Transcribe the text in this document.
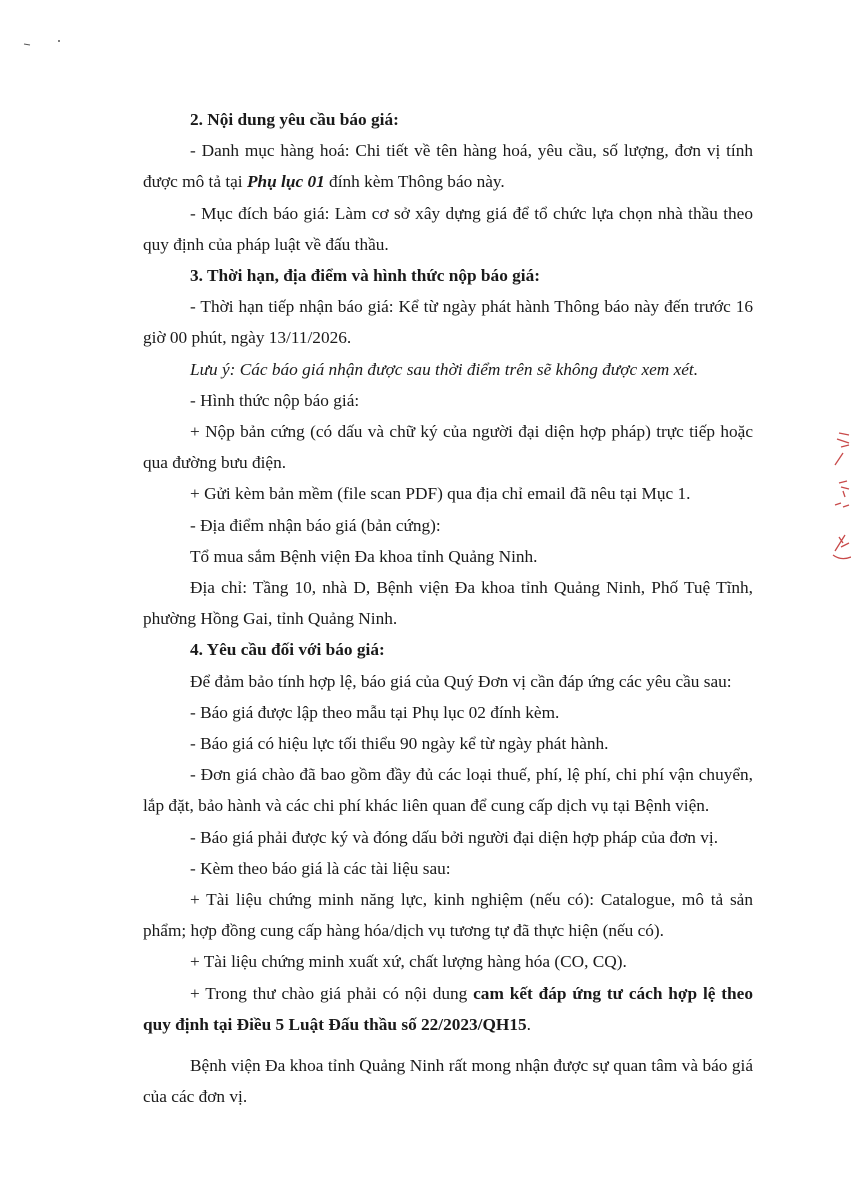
2. Nội dung yêu cầu báo giá:

- Danh mục hàng hoá: Chi tiết về tên hàng hoá, yêu cầu, số lượng, đơn vị tính được mô tả tại Phụ lục 01 đính kèm Thông báo này.

- Mục đích báo giá: Làm cơ sở xây dựng giá để tổ chức lựa chọn nhà thầu theo quy định của pháp luật về đấu thầu.

3. Thời hạn, địa điểm và hình thức nộp báo giá:

- Thời hạn tiếp nhận báo giá: Kể từ ngày phát hành Thông báo này đến trước 16 giờ 00 phút, ngày 13/11/2026.

Lưu ý: Các báo giá nhận được sau thời điểm trên sẽ không được xem xét.

- Hình thức nộp báo giá:

+ Nộp bản cứng (có dấu và chữ ký của người đại diện hợp pháp) trực tiếp hoặc qua đường bưu điện.

+ Gửi kèm bản mềm (file scan PDF) qua địa chỉ email đã nêu tại Mục 1.

- Địa điểm nhận báo giá (bản cứng):

Tổ mua sắm Bệnh viện Đa khoa tỉnh Quảng Ninh.

Địa chỉ: Tầng 10, nhà D, Bệnh viện Đa khoa tỉnh Quảng Ninh, Phố Tuệ Tĩnh, phường Hồng Gai, tỉnh Quảng Ninh.

4. Yêu cầu đối với báo giá:

Để đảm bảo tính hợp lệ, báo giá của Quý Đơn vị cần đáp ứng các yêu cầu sau:

- Báo giá được lập theo mẫu tại Phụ lục 02 đính kèm.

- Báo giá có hiệu lực tối thiểu 90 ngày kể từ ngày phát hành.

- Đơn giá chào đã bao gồm đầy đủ các loại thuế, phí, lệ phí, chi phí vận chuyển, lắp đặt, bảo hành và các chi phí khác liên quan để cung cấp dịch vụ tại Bệnh viện.

- Báo giá phải được ký và đóng dấu bởi người đại diện hợp pháp của đơn vị.

- Kèm theo báo giá là các tài liệu sau:

+ Tài liệu chứng minh năng lực, kinh nghiệm (nếu có): Catalogue, mô tả sản phẩm; hợp đồng cung cấp hàng hóa/dịch vụ tương tự đã thực hiện (nếu có).

+ Tài liệu chứng minh xuất xứ, chất lượng hàng hóa (CO, CQ).

+ Trong thư chào giá phải có nội dung cam kết đáp ứng tư cách hợp lệ theo quy định tại Điều 5 Luật Đấu thầu số 22/2023/QH15.

Bệnh viện Đa khoa tỉnh Quảng Ninh rất mong nhận được sự quan tâm và báo giá của các đơn vị.
